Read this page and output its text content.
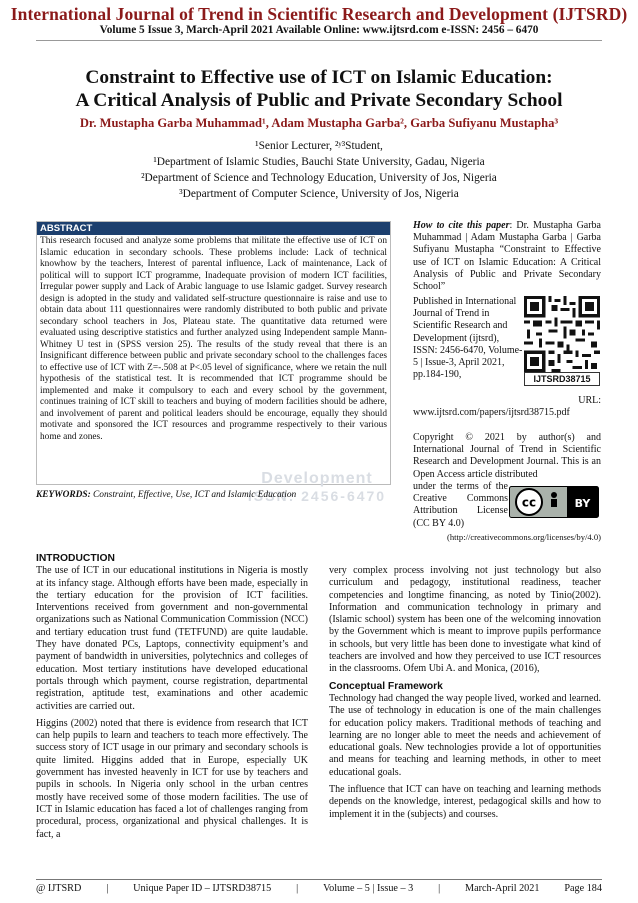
International Journal of Trend in Scientific Research and Development (IJTSRD)
Volume 5 Issue 3, March-April 2021 Available Online: www.ijtsrd.com e-ISSN: 2456 – 6470
Constraint to Effective use of ICT on Islamic Education:
A Critical Analysis of Public and Private Secondary School
Dr. Mustapha Garba Muhammad¹, Adam Mustapha Garba², Garba Sufiyanu Mustapha³
¹Senior Lecturer, ²ʸ³Student,
¹Department of Islamic Studies, Bauchi State University, Gadau, Nigeria
²Department of Science and Technology Education, University of Jos, Nigeria
³Department of Computer Science, University of Jos, Nigeria
ABSTRACT
This research focused and analyze some problems that militate the effective use of ICT on Islamic education in secondary schools. These problems include: Lack of technical knowhow by the teachers, Interest of parental influence, Lack of maintenance, Lack of political will to support ICT programme, Inadequate provision of modern ICT facilities, Irregular power supply and Lack of Arabic language to use Islamic gadget. Survey research design is adopted in the study and validated self-structure questionnaire is raise and use to obtain data about 111 questionnaires were randomly distributed to both public and private secondary school teachers in Jos, Plateau state. The quantitative data returned were evaluated using descriptive statistics and further analyzed using Independent sample Mann-Whitney U test in (SPSS version 25). The results of the study reveal that there is an Insignificant difference between public and private secondary school to the challenges faces to effective use of ICT with Z=-.508 at P<.05 level of significance, where we retain the null hypothesis of the statistical test. It is recommended that ICT programme should be implemented and make it compulsory to each and every school by the government, continues training of ICT skill to teachers and buying of modern facilities should be adhere, and involvement of parent and political leaders should be encourage, equally they should motivate and sponsored the ICT resources and programme respectively to their various home and zones.
Development
ISSN: 2456-6470
KEYWORDS: Constraint, Effective, Use, ICT and Islamic Education
How to cite this paper: Dr. Mustapha Garba Muhammad | Adam Mustapha Garba | Garba Sufiyanu Mustapha “Constraint to Effective use of ICT on Islamic Education: A Critical Analysis of Public and Private Secondary School”
Published in International Journal of Trend in Scientific Research and Development (ijtsrd), ISSN: 2456-6470, Volume-5 | Issue-3, April 2021, pp.184-190,
URL:
www.ijtsrd.com/papers/ijtsrd38715.pdf
IJTSRD38715
Copyright © 2021 by author(s) and International Journal of Trend in Scientific Research and Development Journal. This is an Open Access article distributed
under the terms of the Creative Commons Attribution License (CC BY 4.0)
cc	BY
(http://creativecommons.org/licenses/by/4.0)
INTRODUCTION
The use of ICT in our educational institutions in Nigeria is mostly at its infancy stage. Although efforts have been made, especially in the tertiary education for the provision of ICT facilities. Interventions received from government and non-governmental organizations such as National Communication Commission (NCC) and tertiary education trust fund (TETFUND) are quite laudable. They have donated PCs, Laptops, connectivity equipment’s and payment of bandwidth in universities, polytechnics and colleges of education. Most tertiary institutions have developed educational portals through which payment, course registration, departmental registration, aptitude test, examinations and other academic activities are carried out.
Higgins (2002) noted that there is evidence from research that ICT can help pupils to learn and teachers to teach more effectively. The success story of ICT usage in our primary and secondary schools is quite limited. Higgins added that in Europe, especially UK government has invested heavenly in ICT for use by teachers and pupils in schools. In Nigeria only school in the urban centres mostly have received some of those modern facilities. The use of ICT in Islamic education has faced a lot of challenges ranging from procedural, process, organizational and physical challenges. It is fact, a
very complex process involving not just technology but also curriculum and pedagogy, institutional readiness, teacher competencies and longtime financing, as noted by Tinio(2002). Information and communication technology in primary and (Islamic school) system has been one of the welcoming innovation by the Government which is meant to improve pupils performance in schools, but very little has been done to investigate what kind of teachers are involved and how they perceived to use ICT resources in the classrooms. Ofem Ubi A. and Monica, (2016),
Conceptual Framework
Technology had changed the way people lived, worked and learned. The use of technology in education is one of the main challenges for education policy makers. Traditional methods of teaching and learning are no longer able to meet the needs and achievement of educational goals. New technologies provide a lot of opportunities and means for teaching and learning methods, in other to meet educational goals.
The influence that ICT can have on teaching and learning methods depends on the knowledge, interest, pedagogical skills and how to implement it in the (subjects) and courses.
@ IJTSRD | Unique Paper ID – IJTSRD38715 | Volume – 5 | Issue – 3 | March-April 2021 Page 184
